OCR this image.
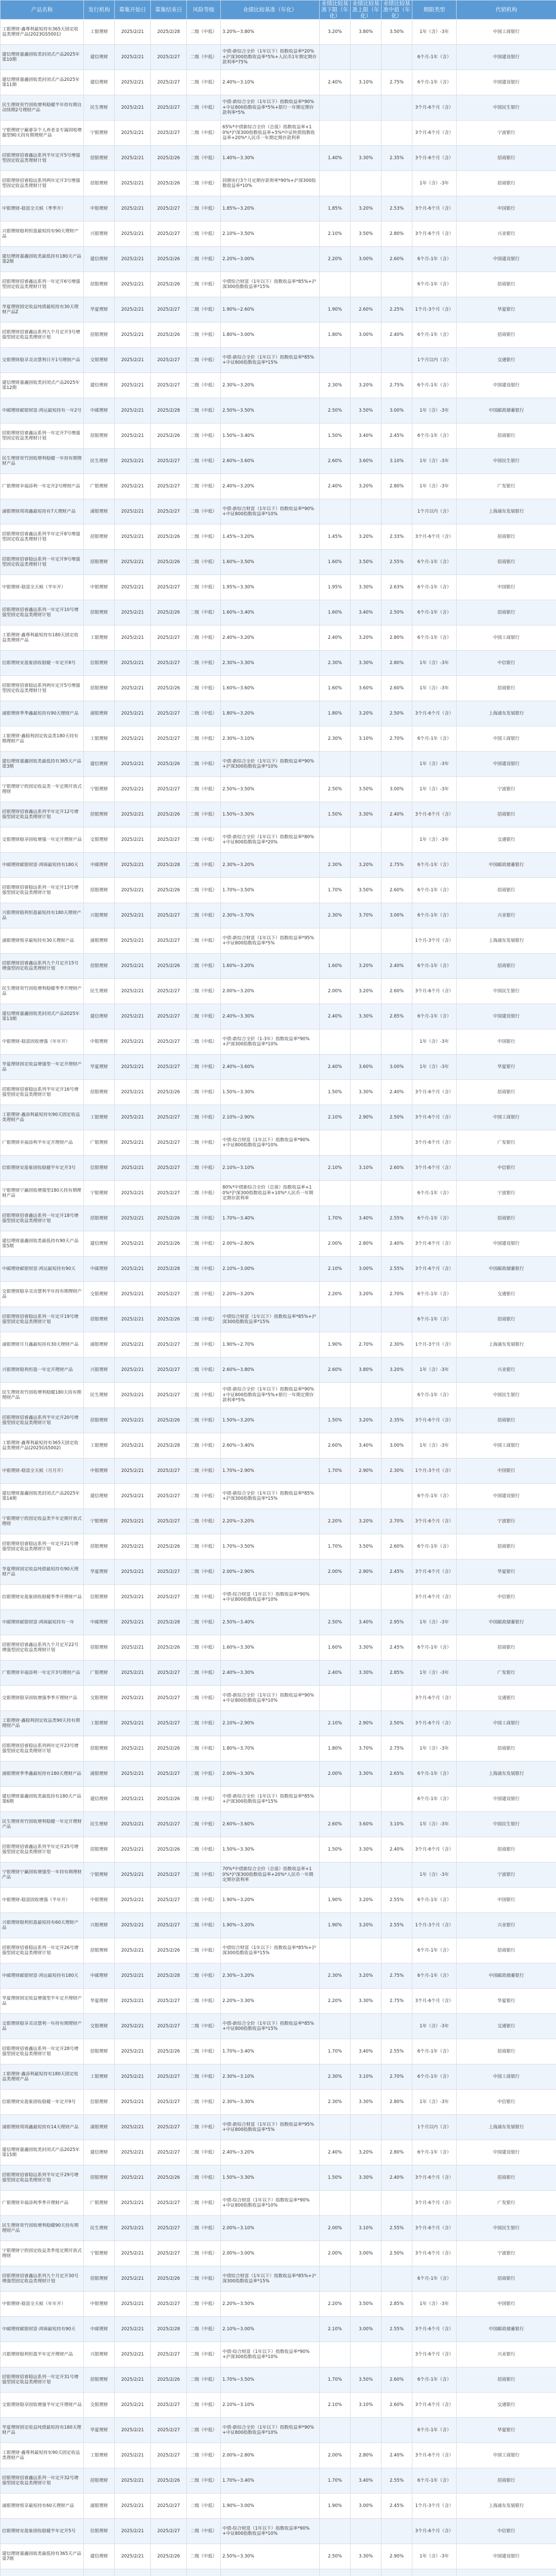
产品名称	发行机构	募集开始日	募集结束日	风险等级	业绩比较基准（年化）	业绩比较基准下限（年化）	业绩比较基准上限（年化）	业绩比较基准中值（年化）	期限类型	代销机构

工银理财·鑫尊利最短持有365天固定收益类理财产品(2023GS5001)	工银理财	2025/2/21	2025/2/28	二级（中低）	3.20%~3.80%	3.20%	3.80%	3.50%	1年（含）-3年	中国工商银行

建信理财嘉鑫固收类封闭式产品2025年第10期	建信理财	2025/2/21	2025/2/27	二级（中低）	中债-新综合全价（1年以下）指数收益率*20%+沪深300指数收益率*5%+人民币1年期定期存款利率*75%				6个月-1年（含）	中国建设银行

建信理财嘉鑫固收类封闭式产品2025年第11期	建信理财	2025/2/21	2025/2/27	二级（中低）	2.40%~3.10%	2.40%	3.10%	2.75%	6个月-1年（含）	中国建设银行

民生理财贵竹固收增利稳健半年持有期自动续期2号理财产品	民生理财	2025/2/21	2025/2/27	二级（中低）	中债-新综合全价（1年以下）指数收益率*90%+中证800指数收益率*5%+银行一年期定期存款利率*5%				3个月-6个月（含）	中国民生银行

宁银理财宁赢睿享个人养老金专属固收增强型90天持有期理财产品	宁银理财	2025/2/21	2025/2/27	二级（中低）	65%*中债新综合全价（总值）指数收益率+10%*沪深300指数收益率+5%*中证转债指数收益率+20%*人民币一年期定期存款利率				3个月-6个月（含）	宁波银行

招银理财招睿鑫远系列半年定开5号增强型固定收益类理财计划	招银理财	2025/2/21	2025/2/26	二级（中低）	1.40%~3.30%	1.40%	3.30%	2.35%	3个月-6个月（含）	招商银行

招银理财招睿稳远系列两年定开3号增强型固定收益类理财计划	招银理财	2025/2/21	2025/2/26	二级（中低）	同期央行3个月定期存款利率*90%+沪深300指数收益率*10%				1年（含）-3年	招商银行

中银理财-稳富全天候（季季开）	中银理财	2025/2/21	2025/2/27	二级（中低）	1.85%~3.20%	1.85%	3.20%	2.53%	3个月-6个月（含）	中国银行

兴银理财稳利恒盈最短持有90天理财产品	兴银理财	2025/2/21	2025/2/27	二级（中低）	2.10%~3.50%	2.10%	3.50%	2.80%	3个月-6个月（含）	兴业银行

建信理财嘉鑫固收类最低持有180天产品第2期	建信理财	2025/2/21	2025/2/26	二级（中低）	2.20%~3.00%	2.20%	3.00%	2.60%	6个月-1年（含）	中国建设银行

招银理财招睿鑫远系列一年定开6号增强型固定收益类理财计划	招银理财	2025/2/21	2025/2/26	二级（中低）	中债综合财富（1年以下）指数收益率*85%+沪深300指数收益率*15%				6个月-1年（含）	招商银行

华夏理财固定收益纯债最短持有30天理财产品Z	华夏理财	2025/2/21	2025/2/27	二级（中低）	1.90%~2.60%	1.90%	2.60%	2.25%	1个月-3个月（含）	华夏银行

招银理财招睿鑫远系列九个月定开3号增强型固定收益类理财计划	招银理财	2025/2/21	2025/2/26	二级（中低）	1.80%~3.00%	1.80%	3.00%	2.40%	6个月-1年（含）	招商银行

交银理财稳享灵动慧利日开1号理财产品	交银理财	2025/2/21	2025/2/27	二级（中低）	中债-新综合全价（1年以下）指数收益率*85%+中证800指数收益率*15%				1个月以内（含）	交通银行

建信理财嘉鑫固收类封闭式产品2025年第12期	建信理财	2025/2/21	2025/2/27	二级（中低）	2.30%~3.20%	2.30%	3.20%	2.75%	6个月-1年（含）	中国建设银行

中邮理财邮银财富·鸿运最短持有一年2号	中邮理财	2025/2/21	2025/2/28	二级（中低）	2.50%~3.50%	2.50%	3.50%	3.00%	1年（含）-3年	中国邮政储蓄银行

招银理财招睿鑫远系列一年定开7号增强型固定收益类理财计划	招银理财	2025/2/21	2025/2/26	二级（中低）	1.50%~3.40%	1.50%	3.40%	2.45%	6个月-1年（含）	招商银行

民生理财贵竹固收增利稳健一年持有期理财产品	民生理财	2025/2/21	2025/2/27	二级（中低）	2.60%~3.60%	2.60%	3.60%	3.10%	1年（含）-3年	中国民生银行

广银理财幸福添利一年定开2号理财产品	广银理财	2025/2/21	2025/2/27	二级（中低）	2.40%~3.20%	2.40%	3.20%	2.80%	1年（含）-3年	广发银行

浦银理财周周鑫最短持有7天理财产品	浦银理财	2025/2/21	2025/2/27	二级（中低）	中债-新综合财富（1年以下）指数收益率*90%+中证800指数收益率*10%				1个月以内（含）	上海浦东发展银行

招银理财招睿鑫远系列半年定开8号增强型固定收益类理财计划	招银理财	2025/2/21	2025/2/26	二级（中低）	1.45%~3.20%	1.45%	3.20%	2.33%	3个月-6个月（含）	招商银行

招银理财招睿稳远系列一年定开9号增强型固定收益类理财计划	招银理财	2025/2/21	2025/2/26	二级（中低）	1.60%~3.50%	1.60%	3.50%	2.55%	6个月-1年（含）	招商银行

中银理财-稳富全天候（半年开）	中银理财	2025/2/21	2025/2/27	二级（中低）	1.95%~3.30%	1.95%	3.30%	2.63%	6个月-1年（含）	中国银行

招银理财招睿鑫远系列一年定开10号增强型固定收益类理财计划	招银理财	2025/2/21	2025/2/26	二级（中低）	1.60%~3.40%	1.60%	3.40%	2.50%	6个月-1年（含）	招商银行

工银理财·鑫尊利最短持有180天固定收益类理财产品	工银理财	2025/2/21	2025/2/27	二级（中低）	2.40%~3.20%	2.40%	3.20%	2.80%	6个月-1年（含）	中国工商银行

信银理财安盈象固收稳健一年定开8号	信银理财	2025/2/21	2025/2/27	二级（中低）	2.30%~3.30%	2.30%	3.30%	2.80%	1年（含）-3年	中信银行

招银理财招睿稳远系列两年定开5号增强型固定收益类理财计划	招银理财	2025/2/21	2025/2/26	二级（中低）	1.60%~3.60%	1.60%	3.60%	2.60%	1年（含）-3年	招商银行

浦银理财季季鑫最短持有90天理财产品	浦银理财	2025/2/21	2025/2/27	二级（中低）	1.80%~3.20%	1.80%	3.20%	2.50%	3个月-6个月（含）	上海浦东发展银行

工银理财·鑫稳利固定收益类180天持有期理财产品	工银理财	2025/2/21	2025/2/27	二级（中低）	2.30%~3.10%	2.30%	3.10%	2.70%	6个月-1年（含）	中国工商银行

建信理财嘉鑫固收类最低持有365天产品第3期	建信理财	2025/2/21	2025/2/26	二级（中低）	中债-新综合全价（1年以下）指数收益率*90%+沪深300指数收益率*10%				1年（含）-3年	中国建设银行

宁银理财宁欣固定收益类一年定期开放式理财	宁银理财	2025/2/21	2025/2/27	二级（中低）	2.50%~3.50%	2.50%	3.50%	3.00%	1年（含）-3年	宁波银行

招银理财招睿鑫远系列半年定开12号增强型固定收益类理财计划	招银理财	2025/2/21	2025/2/26	二级（中低）	1.50%~3.30%	1.50%	3.30%	2.40%	3个月-6个月（含）	招商银行

交银理财稳享固收增强一年定开理财产品	交银理财	2025/2/21	2025/2/27	二级（中低）	中债-新综合全价（1年以下）指数收益率*80%+中证800指数收益率*20%				1年（含）-3年	交通银行

中邮理财邮银财富·鸿锦最短持有180天	中邮理财	2025/2/21	2025/2/28	二级（中低）	2.30%~3.20%	2.30%	3.20%	2.75%	6个月-1年（含）	中国邮政储蓄银行

招银理财招睿稳远系列一年定开13号增强型固定收益类理财计划	招银理财	2025/2/21	2025/2/26	二级（中低）	1.70%~3.50%	1.70%	3.50%	2.60%	6个月-1年（含）	招商银行

兴银理财稳利恒盈最短持有180天理财产品	兴银理财	2025/2/21	2025/2/27	二级（中低）	2.30%~3.70%	2.30%	3.70%	3.00%	6个月-1年（含）	兴业银行

浦银理财悦享最短持有30天理财产品	浦银理财	2025/2/21	2025/2/27	二级（中低）	中债-新综合财富（1年以下）指数收益率*95%+中证800指数收益率*5%				1个月-3个月（含）	上海浦东发展银行

招银理财招睿鑫远系列九个月定开15号增强型固定收益类理财计划	招银理财	2025/2/21	2025/2/26	二级（中低）	1.60%~3.20%	1.60%	3.20%	2.40%	6个月-1年（含）	招商银行

民生理财贵竹固收增利稳健季季开理财产品	民生理财	2025/2/21	2025/2/27	二级（中低）	2.00%~3.20%	2.00%	3.20%	2.60%	3个月-6个月（含）	中国民生银行

建信理财嘉鑫固收类封闭式产品2025年第13期	建信理财	2025/2/21	2025/2/27	二级（中低）	2.40%~3.30%	2.40%	3.30%	2.85%	6个月-1年（含）	中国建设银行

中银理财-稳富固收增强（年年开）	中银理财	2025/2/21	2025/2/27	二级（中低）	中债-新综合全价（1-3年）指数收益率*90%+沪深300指数收益率*10%				1年（含）-3年	中国银行

华夏理财固定收益增强型一年定开理财产品	华夏理财	2025/2/21	2025/2/27	二级（中低）	2.40%~3.60%	2.40%	3.60%	3.00%	1年（含）-3年	华夏银行

招银理财招睿稳远系列半年定开16号增强型固定收益类理财计划	招银理财	2025/2/21	2025/2/26	二级（中低）	1.50%~3.30%	1.50%	3.30%	2.40%	3个月-6个月（含）	招商银行

工银理财·鑫添利最短持有90天固定收益类理财产品	工银理财	2025/2/21	2025/2/27	二级（中低）	2.10%~2.90%	2.10%	2.90%	2.50%	3个月-6个月（含）	中国工商银行

广银理财幸福添利半年定开理财产品	广银理财	2025/2/21	2025/2/27	二级（中低）	中债-综合财富（1年以下）指数收益率*90%+中证800指数收益率*10%				3个月-6个月（含）	广发银行

信银理财安盈象固收稳健半年定开3号	信银理财	2025/2/21	2025/2/27	二级（中低）	2.10%~3.10%	2.10%	3.10%	2.60%	3个月-6个月（含）	中信银行

宁银理财宁赢固收增强型180天持有期理财产品	宁银理财	2025/2/21	2025/2/27	二级（中低）	80%*中债新综合全价（总值）指数收益率+10%*沪深300指数收益率+10%*人民币一年期定期存款利率				6个月-1年（含）	宁波银行

招银理财招睿鑫远系列一年定开18号增强型固定收益类理财计划	招银理财	2025/2/21	2025/2/26	二级（中低）	1.70%~3.40%	1.70%	3.40%	2.55%	6个月-1年（含）	招商银行

建信理财嘉鑫固收类最低持有90天产品第5期	建信理财	2025/2/21	2025/2/26	二级（中低）	2.00%~2.80%	2.00%	2.80%	2.40%	3个月-6个月（含）	中国建设银行

中邮理财邮银财富·鸿运最短持有90天	中邮理财	2025/2/21	2025/2/28	二级（中低）	2.10%~3.00%	2.10%	3.00%	2.55%	3个月-6个月（含）	中国邮政储蓄银行

交银理财稳享灵动慧利半年持有期理财产品	交银理财	2025/2/21	2025/2/27	二级（中低）	2.20%~3.20%	2.20%	3.20%	2.70%	6个月-1年（含）	交通银行

招银理财招睿稳远系列一年定开19号增强型固定收益类理财计划	招银理财	2025/2/21	2025/2/26	二级（中低）	中债综合财富（1年以下）指数收益率*85%+沪深300指数收益率*15%				6个月-1年（含）	招商银行

浦银理财月月鑫最短持有30天理财产品	浦银理财	2025/2/21	2025/2/27	二级（中低）	1.90%~2.70%	1.90%	2.70%	2.30%	1个月-3个月（含）	上海浦东发展银行

兴银理财稳利恒盈一年定开理财产品	兴银理财	2025/2/21	2025/2/27	二级（中低）	2.60%~3.80%	2.60%	3.80%	3.20%	1年（含）-3年	兴业银行

民生理财贵竹固收增利稳健180天持有期理财产品	民生理财	2025/2/21	2025/2/27	二级（中低）	中债-新综合全价（1年以下）指数收益率*90%+中证800指数收益率*5%+银行一年期定期存款利率*5%				6个月-1年（含）	中国民生银行

招银理财招睿鑫远系列半年定开20号增强型固定收益类理财计划	招银理财	2025/2/21	2025/2/26	二级（中低）	1.50%~3.20%	1.50%	3.20%	2.35%	3个月-6个月（含）	招商银行

工银理财·鑫尊利最短持有365天固定收益类理财产品(2025GS5002)	工银理财	2025/2/21	2025/2/28	二级（中低）	2.60%~3.40%	2.60%	3.40%	3.00%	1年（含）-3年	中国工商银行

中银理财-稳富全天候（月月开）	中银理财	2025/2/21	2025/2/27	二级（中低）	1.70%~2.90%	1.70%	2.90%	2.30%	1个月-3个月（含）	中国银行

建信理财嘉鑫固收类封闭式产品2025年第14期	建信理财	2025/2/21	2025/2/27	二级（中低）	中债-新综合全价（1年以下）指数收益率*85%+沪深300指数收益率*15%				6个月-1年（含）	中国建设银行

宁银理财宁欣固定收益类半年定期开放式理财	宁银理财	2025/2/21	2025/2/27	二级（中低）	2.20%~3.20%	2.20%	3.20%	2.70%	3个月-6个月（含）	宁波银行

招银理财招睿稳远系列一年定开21号增强型固定收益类理财计划	招银理财	2025/2/21	2025/2/26	二级（中低）	1.70%~3.50%	1.70%	3.50%	2.60%	6个月-1年（含）	招商银行

华夏理财固定收益纯债最短持有90天理财产品	华夏理财	2025/2/21	2025/2/27	二级（中低）	2.00%~2.90%	2.00%	2.90%	2.45%	3个月-6个月（含）	华夏银行

信银理财安盈象固收稳健季季开理财产品	信银理财	2025/2/21	2025/2/27	二级（中低）	中债-综合财富（1年以下）指数收益率*90%+中证800指数收益率*10%				3个月-6个月（含）	中信银行

中邮理财邮银财富·鸿锦最短持有一年	中邮理财	2025/2/21	2025/2/28	二级（中低）	2.50%~3.40%	2.50%	3.40%	2.95%	1年（含）-3年	中国邮政储蓄银行

招银理财招睿鑫远系列九个月定开22号增强型固定收益类理财计划	招银理财	2025/2/21	2025/2/26	二级（中低）	1.60%~3.30%	1.60%	3.30%	2.45%	6个月-1年（含）	招商银行

广银理财幸福添利一年定开3号理财产品	广银理财	2025/2/21	2025/2/27	二级（中低）	2.40%~3.30%	2.40%	3.30%	2.85%	1年（含）-3年	广发银行

交银理财稳享固收增强季季开理财产品	交银理财	2025/2/21	2025/2/27	二级（中低）	中债-新综合全价（1年以下）指数收益率*90%+中证800指数收益率*10%				3个月-6个月（含）	交通银行

工银理财·鑫稳利固定收益类90天持有期理财产品	工银理财	2025/2/21	2025/2/27	二级（中低）	2.10%~2.90%	2.10%	2.90%	2.50%	3个月-6个月（含）	中国工商银行

招银理财招睿稳远系列两年定开23号增强型固定收益类理财计划	招银理财	2025/2/21	2025/2/26	二级（中低）	1.80%~3.70%	1.80%	3.70%	2.75%	1年（含）-3年	招商银行

浦银理财季季鑫最短持有180天理财产品	浦银理财	2025/2/21	2025/2/27	二级（中低）	2.00%~3.30%	2.00%	3.30%	2.65%	6个月-1年（含）	上海浦东发展银行

建信理财嘉鑫固收类最低持有180天产品第6期	建信理财	2025/2/21	2025/2/26	二级（中低）	中债-新综合全价（1年以下）指数收益率*85%+沪深300指数收益率*15%				6个月-1年（含）	中国建设银行

民生理财贵竹固收增利稳健一年定开理财产品	民生理财	2025/2/21	2025/2/27	二级（中低）	2.60%~3.60%	2.60%	3.60%	3.10%	1年（含）-3年	中国民生银行

招银理财招睿鑫远系列半年定开25号增强型固定收益类理财计划	招银理财	2025/2/21	2025/2/26	二级（中低）	1.50%~3.30%	1.50%	3.30%	2.40%	3个月-6个月（含）	招商银行

宁银理财宁赢固收增强型一年持有期理财产品	宁银理财	2025/2/21	2025/2/27	二级（中低）	70%*中债新综合全价（总值）指数收益率+10%*沪深300指数收益率+20%*人民币一年期定期存款利率				1年（含）-3年	宁波银行

中银理财-稳富固收增强（半年开）	中银理财	2025/2/21	2025/2/27	二级（中低）	1.90%~3.20%	1.90%	3.20%	2.55%	6个月-1年（含）	中国银行

兴银理财稳利恒盈最短持有60天理财产品	兴银理财	2025/2/21	2025/2/27	二级（中低）	1.90%~3.20%	1.90%	3.20%	2.55%	1个月-3个月（含）	兴业银行

招银理财招睿稳远系列一年定开26号增强型固定收益类理财计划	招银理财	2025/2/21	2025/2/26	二级（中低）	中债综合财富（1年以下）指数收益率*85%+沪深300指数收益率*15%				6个月-1年（含）	招商银行

中邮理财邮银财富·鸿运最短持有180天	中邮理财	2025/2/21	2025/2/28	二级（中低）	2.30%~3.20%	2.30%	3.20%	2.75%	6个月-1年（含）	中国邮政储蓄银行

华夏理财固定收益增强型半年定开理财产品	华夏理财	2025/2/21	2025/2/27	二级（中低）	2.20%~3.30%	2.20%	3.30%	2.75%	3个月-6个月（含）	华夏银行

交银理财稳享灵动慧利一年持有期理财产品	交银理财	2025/2/21	2025/2/27	二级（中低）	中债-新综合全价（1年以下）指数收益率*85%+中证800指数收益率*15%				1年（含）-3年	交通银行

招银理财招睿鑫远系列一年定开28号增强型固定收益类理财计划	招银理财	2025/2/21	2025/2/26	二级（中低）	1.70%~3.40%	1.70%	3.40%	2.55%	6个月-1年（含）	招商银行

工银理财·鑫添利最短持有180天固定收益类理财产品	工银理财	2025/2/21	2025/2/27	二级（中低）	2.30%~3.10%	2.30%	3.10%	2.70%	6个月-1年（含）	中国工商银行

信银理财安盈象固收稳健一年定开9号	信银理财	2025/2/21	2025/2/27	二级（中低）	2.30%~3.30%	2.30%	3.30%	2.80%	1年（含）-3年	中信银行

浦银理财周周鑫最短持有14天理财产品	浦银理财	2025/2/21	2025/2/27	二级（中低）	中债-新综合财富（1年以下）指数收益率*95%+中证800指数收益率*5%				1个月以内（含）	上海浦东发展银行

建信理财嘉鑫固收类封闭式产品2025年第15期	建信理财	2025/2/21	2025/2/27	二级（中低）	2.40%~3.20%	2.40%	3.20%	2.80%	6个月-1年（含）	中国建设银行

招银理财招睿稳远系列半年定开29号增强型固定收益类理财计划	招银理财	2025/2/21	2025/2/26	二级（中低）	1.50%~3.30%	1.50%	3.30%	2.40%	3个月-6个月（含）	招商银行

广银理财幸福添利季季开理财产品	广银理财	2025/2/21	2025/2/27	二级（中低）	中债-综合财富（1年以下）指数收益率*90%+中证800指数收益率*10%				3个月-6个月（含）	广发银行

民生理财贵竹固收增利稳健90天持有期理财产品	民生理财	2025/2/21	2025/2/27	二级（中低）	2.00%~3.10%	2.00%	3.10%	2.55%	3个月-6个月（含）	中国民生银行

宁银理财宁欣固定收益类季度定期开放式理财	宁银理财	2025/2/21	2025/2/27	二级（中低）	2.00%~3.00%	2.00%	3.00%	2.50%	3个月-6个月（含）	宁波银行

招银理财招睿鑫远系列九个月定开30号增强型固定收益类理财计划	招银理财	2025/2/21	2025/2/26	二级（中低）	中债综合财富（1年以下）指数收益率*85%+沪深300指数收益率*15%				6个月-1年（含）	招商银行

中银理财-稳富全天候（年年开）	中银理财	2025/2/21	2025/2/27	二级（中低）	2.20%~3.50%	2.20%	3.50%	2.85%	1年（含）-3年	中国银行

中邮理财邮银财富·鸿锦最短持有90天	中邮理财	2025/2/21	2025/2/28	二级（中低）	2.10%~3.00%	2.10%	3.00%	2.55%	3个月-6个月（含）	中国邮政储蓄银行

兴银理财稳利恒盈半年定开理财产品	兴银理财	2025/2/21	2025/2/27	二级（中低）	中债-综合财富（1年以下）指数收益率*90%+沪深300指数收益率*10%				3个月-6个月（含）	兴业银行

招银理财招睿稳远系列一年定开31号增强型固定收益类理财计划	招银理财	2025/2/21	2025/2/26	二级（中低）	1.70%~3.50%	1.70%	3.50%	2.60%	6个月-1年（含）	招商银行

交银理财稳享固收增强半年定开理财产品	交银理财	2025/2/21	2025/2/27	二级（中低）	2.10%~3.10%	2.10%	3.10%	2.60%	3个月-6个月（含）	交通银行

华夏理财固定收益纯债最短持有180天理财产品	华夏理财	2025/2/21	2025/2/27	二级（中低）	中债-新综合全价（1年以下）指数收益率*90%+中证800指数收益率*10%				6个月-1年（含）	华夏银行

工银理财·鑫尊利最短持有90天固定收益类理财产品	工银理财	2025/2/21	2025/2/27	二级（中低）	2.00%~2.80%	2.00%	2.80%	2.40%	3个月-6个月（含）	中国工商银行

招银理财招睿鑫远系列一年定开32号增强型固定收益类理财计划	招银理财	2025/2/21	2025/2/26	二级（中低）	1.70%~3.40%	1.70%	3.40%	2.55%	6个月-1年（含）	招商银行

浦银理财悦享最短持有60天理财产品	浦银理财	2025/2/21	2025/2/27	二级（中低）	1.90%~3.00%	1.90%	3.00%	2.45%	1个月-3个月（含）	上海浦东发展银行

信银理财安盈象固收稳健半年定开5号	信银理财	2025/2/21	2025/2/27	二级（中低）	中债-综合财富（1年以下）指数收益率*90%+中证800指数收益率*10%				3个月-6个月（含）	中信银行

建信理财嘉鑫固收类最低持有365天产品第7期	建信理财	2025/2/21	2025/2/26	二级（中低）	2.50%~3.30%	2.50%	3.30%	2.90%	1年（含）-3年	中国建设银行
